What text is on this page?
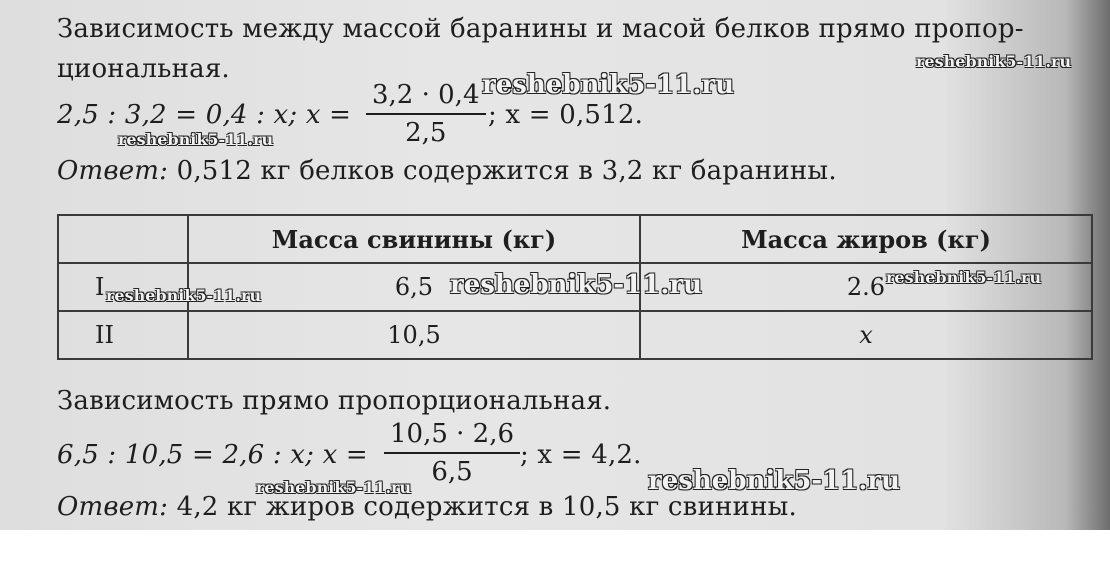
Зависимость между массой баранины и масой белков прямо пропор-
циональная.
2,5 : 3,2 = 0,4 : x; x =
3,2 · 0,4
2,5
; x = 0,512.
Ответ: 0,512 кг белков содержится в 3,2 кг баранины.
	Масса свинины (кг)	Масса жиров (кг)
I	6,5	2.6
II	10,5	x
Зависимость прямо пропорциональная.
6,5 : 10,5 = 2,6 : x; x =
10,5 · 2,6
6,5
; x = 4,2.
Ответ: 4,2 кг жиров содержится в 10,5 кг свинины.
reshebnik5-11.ru
reshebnik5-11.ru
reshebnik5-11.ru
reshebnik5-11.ru	reshebnik5-11.ru	reshebnik5-11.ru
reshebnik5-11.ru
reshebnik5-11.ru
